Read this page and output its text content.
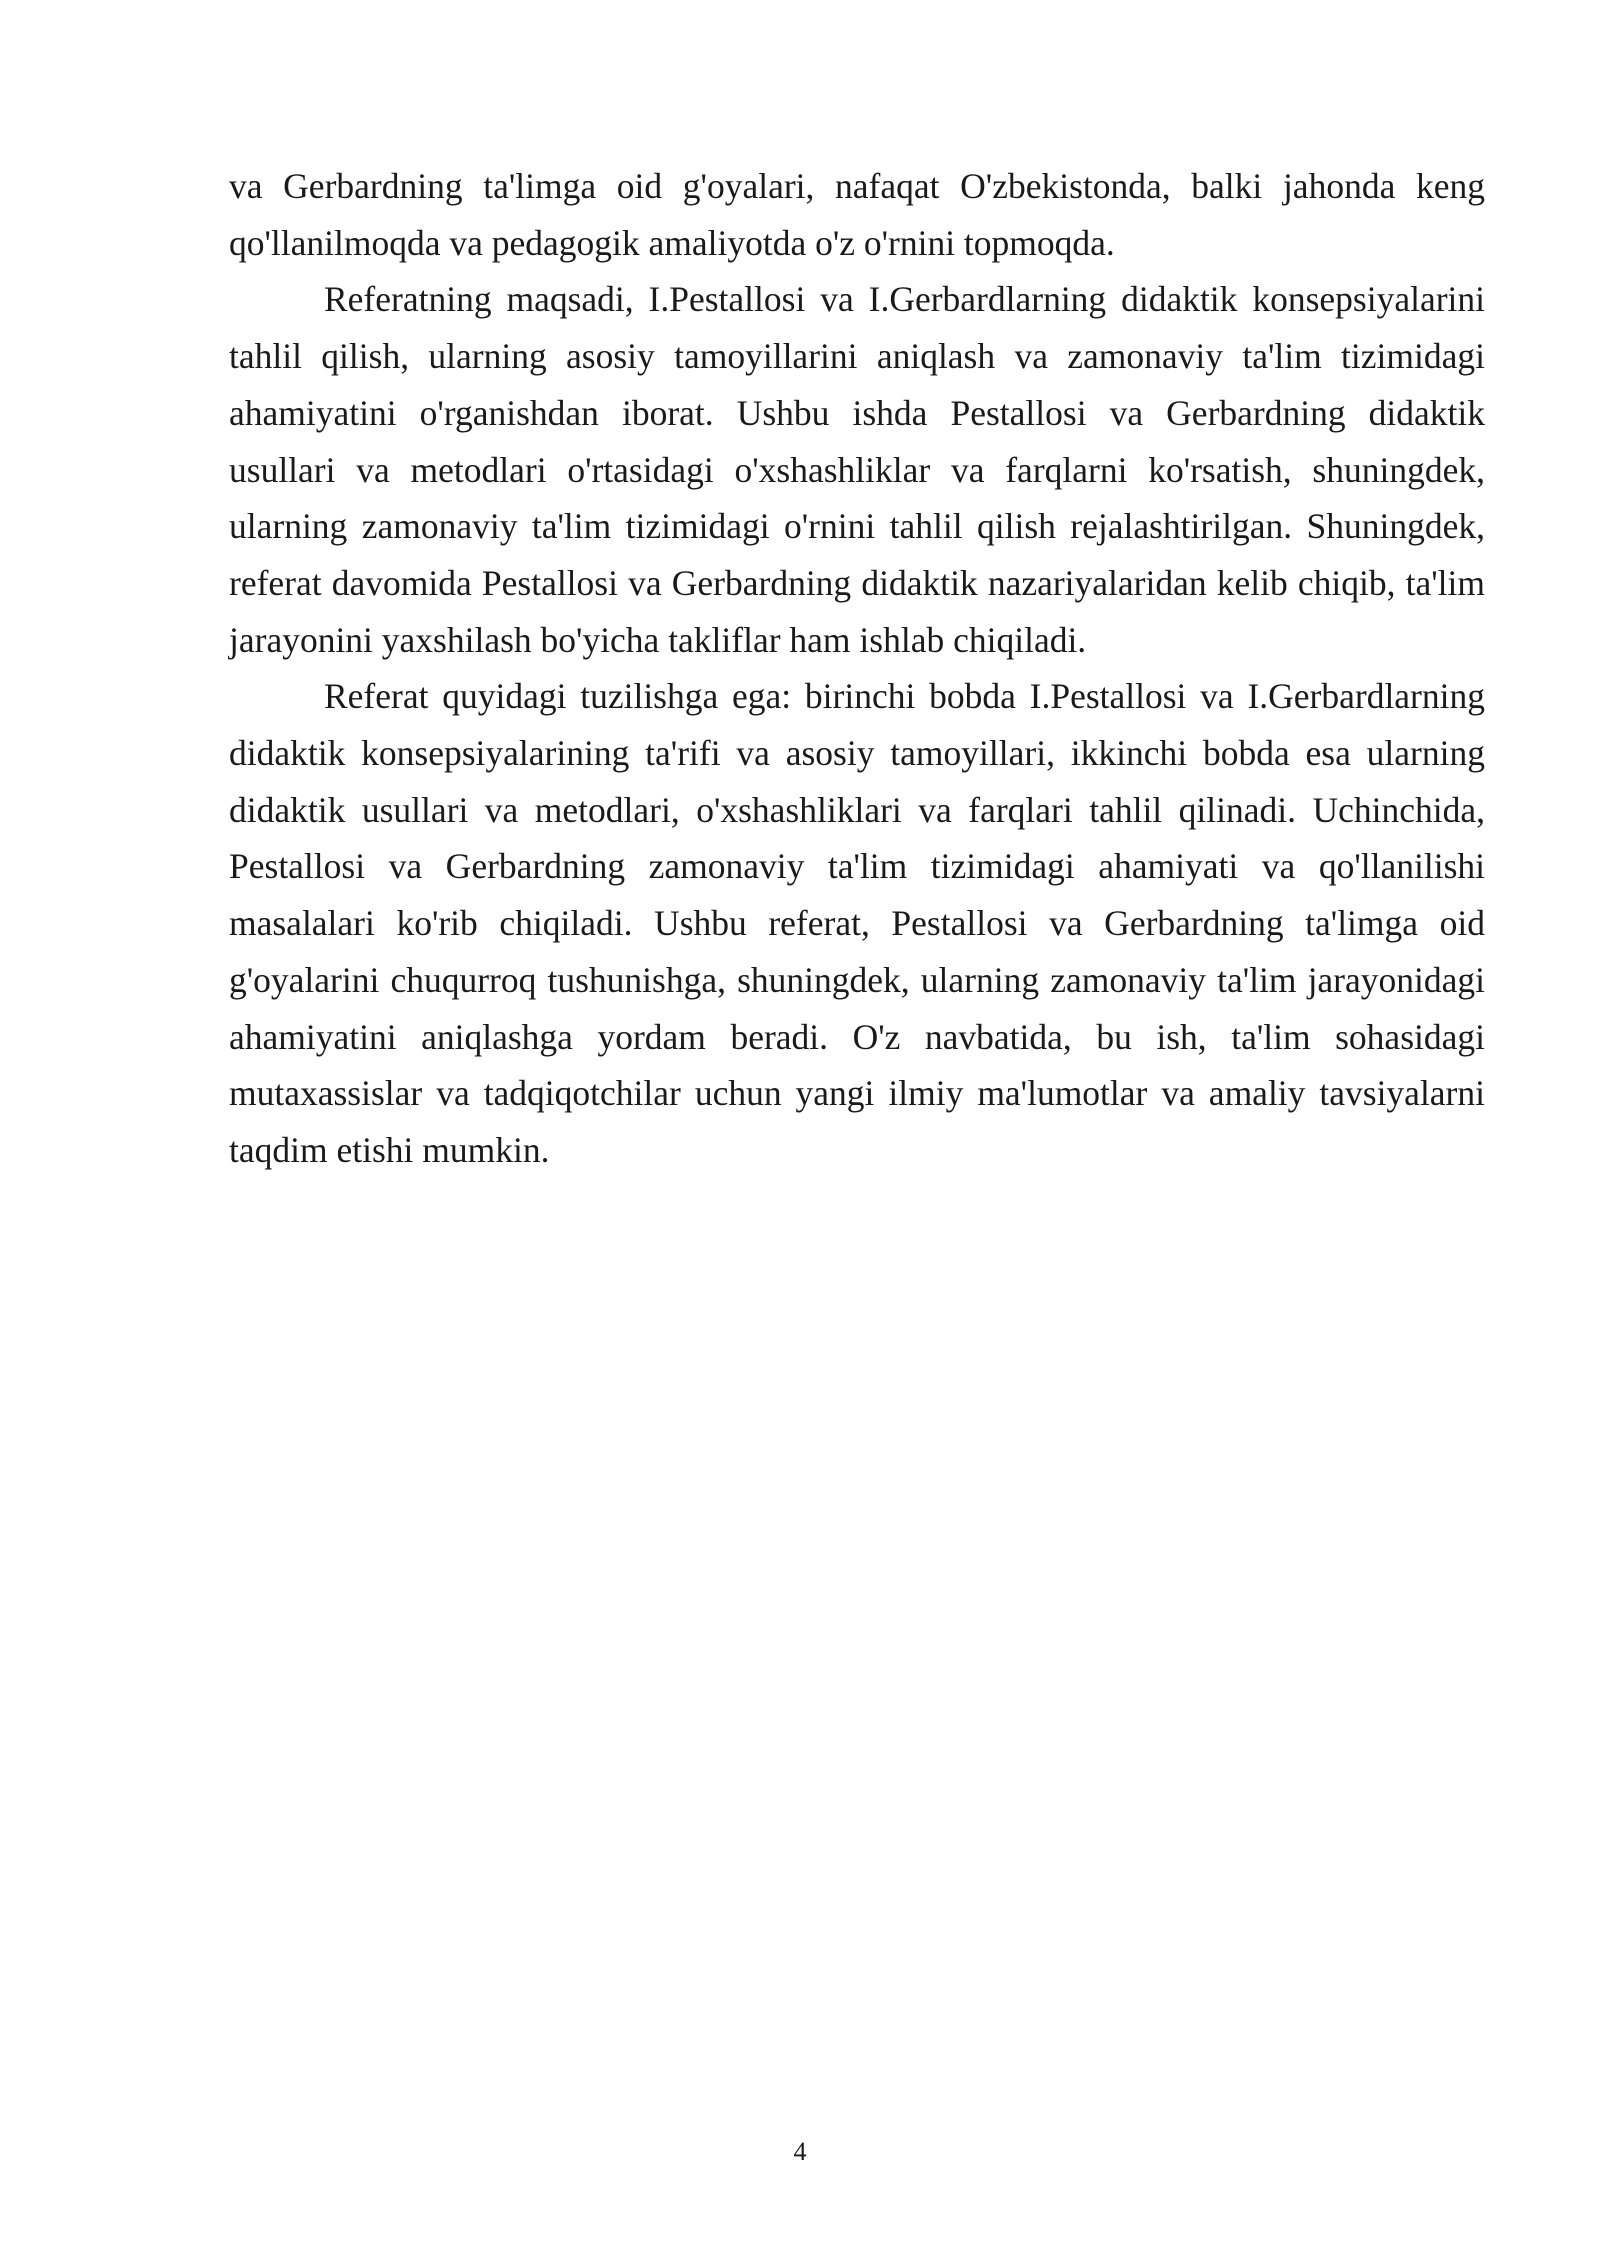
va Gerbardning ta'limga oid g'oyalari, nafaqat O'zbekistonda, balki jahonda keng qo'llanilmoqda va pedagogik amaliyotda o'z o'rnini topmoqda.

Referatning maqsadi, I.Pestallosi va I.Gerbardlarning didaktik konsepsiyalarini tahlil qilish, ularning asosiy tamoyillarini aniqlash va zamonaviy ta'lim tizimidagi ahamiyatini o'rganishdan iborat. Ushbu ishda Pestallosi va Gerbardning didaktik usullari va metodlari o'rtasidagi o'xshashliklar va farqlarni ko'rsatish, shuningdek, ularning zamonaviy ta'lim tizimidagi o'rnini tahlil qilish rejalashtirilgan. Shuningdek, referat davomida Pestallosi va Gerbardning didaktik nazariyalaridan kelib chiqib, ta'lim jarayonini yaxshilash bo'yicha takliflar ham ishlab chiqiladi.

Referat quyidagi tuzilishga ega: birinchi bobda I.Pestallosi va I.Gerbardlarning didaktik konsepsiyalarining ta'rifi va asosiy tamoyillari, ikkinchi bobda esa ularning didaktik usullari va metodlari, o'xshashliklari va farqlari tahlil qilinadi. Uchinchida, Pestallosi va Gerbardning zamonaviy ta'lim tizimidagi ahamiyati va qo'llanilishi masalalari ko'rib chiqiladi. Ushbu referat, Pestallosi va Gerbardning ta'limga oid g'oyalarini chuqurroq tushunishga, shuningdek, ularning zamonaviy ta'lim jarayonidagi ahamiyatini aniqlashga yordam beradi. O'z navbatida, bu ish, ta'lim sohasidagi mutaxassislar va tadqiqotchilar uchun yangi ilmiy ma'lumotlar va amaliy tavsiyalarni taqdim etishi mumkin.

4
